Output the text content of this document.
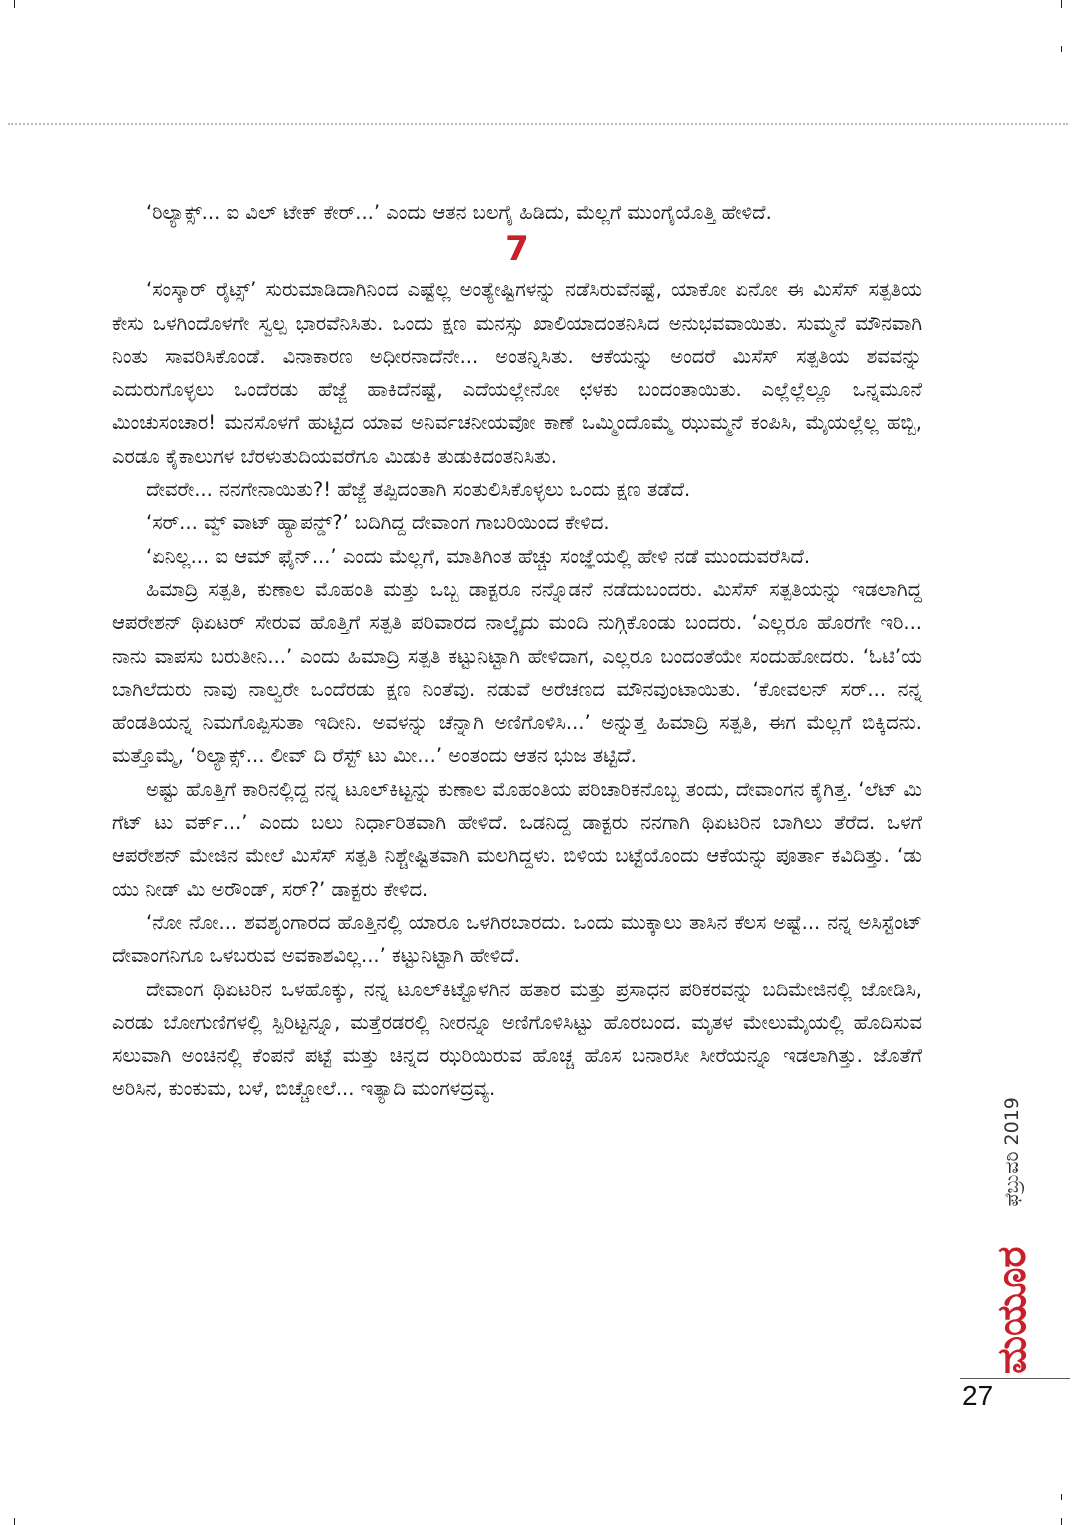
‘ರಿಲ್ಯಾಕ್ಸ್... ಐ ವಿಲ್ ಟೇಕ್ ಕೇರ್...’ ಎಂದು ಆತನ ಬಲಗೈ ಹಿಡಿದು, ಮೆಲ್ಲಗೆ ಮುಂಗೈಯೊತ್ತಿ ಹೇಳಿದೆ.

7

‘ಸಂಸ್ಕಾರ್ ರೈಟ್ಸ್’ ಸುರುಮಾಡಿದಾಗಿನಿಂದ ಎಷ್ಟೆಲ್ಲ ಅಂತ್ಯೇಷ್ಟಿಗಳನ್ನು ನಡೆಸಿರುವೆನಷ್ಟೆ, ಯಾಕೋ ಏನೋ ಈ ಮಿಸೆಸ್ ಸತ್ಪತಿಯ ಕೇಸು ಒಳಗಿಂದೊಳಗೇ ಸ್ವಲ್ಪ ಭಾರವೆನಿಸಿತು. ಒಂದು ಕ್ಷಣ ಮನಸ್ಸು ಖಾಲಿಯಾದಂತನಿಸಿದ ಅನುಭವವಾಯಿತು. ಸುಮ್ಮನೆ ಮೌನವಾಗಿ ನಿಂತು ಸಾವರಿಸಿಕೊಂಡೆ. ವಿನಾಕಾರಣ ಅಧೀರನಾದೆನೇ... ಅಂತನ್ನಿಸಿತು. ಆಕೆಯನ್ನು ಅಂದರೆ ಮಿಸೆಸ್ ಸತ್ಪತಿಯ ಶವವನ್ನು ಎದುರುಗೊಳ್ಳಲು ಒಂದೆರಡು ಹೆಜ್ಜೆ ಹಾಕಿದೆನಷ್ಟೆ, ಎದೆಯಲ್ಲೇನೋ ಛಳಕು ಬಂದಂತಾಯಿತು. ಎಲ್ಲೆಲ್ಲೆಲ್ಲೂ ಒನ್ನಮೂನೆ ಮಿಂಚುಸಂಚಾರ! ಮನಸೊಳಗೆ ಹುಟ್ಟಿದ ಯಾವ ಅನಿರ್ವಚನೀಯವೋ ಕಾಣೆ ಒಮ್ಮಿಂದೊಮ್ಮೆ ಝುಮ್ಮನೆ ಕಂಪಿಸಿ, ಮೈಯಲ್ಲೆಲ್ಲ ಹಬ್ಬಿ, ಎರಡೂ ಕೈಕಾಲುಗಳ ಬೆರಳುತುದಿಯವರೆಗೂ ಮಿಡುಕಿ ತುಡುಕಿದಂತನಿಸಿತು.

ದೇವರೇ... ನನಗೇನಾಯಿತು?! ಹೆಜ್ಜೆ ತಪ್ಪಿದಂತಾಗಿ ಸಂತುಲಿಸಿಕೊಳ್ಳಲು ಒಂದು ಕ್ಷಣ ತಡೆದೆ.

‘ಸರ್... ವ್ವ್ ವಾಟ್ ಹ್ಯಾಪನ್ಡ್?’ ಬದಿಗಿದ್ದ ದೇವಾಂಗ ಗಾಬರಿಯಿಂದ ಕೇಳಿದ.

‘ಏನಿಲ್ಲ... ಐ ಆಮ್ ಫೈನ್...’ ಎಂದು ಮೆಲ್ಲಗೆ, ಮಾತಿಗಿಂತ ಹೆಚ್ಚು ಸಂಜ್ಞೆಯಲ್ಲಿ ಹೇಳಿ ನಡೆ ಮುಂದುವರೆಸಿದೆ.

ಹಿಮಾದ್ರಿ ಸತ್ಪತಿ, ಕುಣಾಲ ಮೊಹಂತಿ ಮತ್ತು ಒಬ್ಬ ಡಾಕ್ಟರೂ ನನ್ನೊಡನೆ ನಡೆದುಬಂದರು. ಮಿಸೆಸ್ ಸತ್ಪತಿಯನ್ನು ಇಡಲಾಗಿದ್ದ ಆಪರೇಶನ್ ಥಿಏಟರ್ ಸೇರುವ ಹೊತ್ತಿಗೆ ಸತ್ಪತಿ ಪರಿವಾರದ ನಾಲ್ಕೈದು ಮಂದಿ ನುಗ್ಗಿಕೊಂಡು ಬಂದರು. ‘ಎಲ್ಲರೂ ಹೊರಗೇ ಇರಿ... ನಾನು ವಾಪಸು ಬರುತೀನಿ...’ ಎಂದು ಹಿಮಾದ್ರಿ ಸತ್ಪತಿ ಕಟ್ಟುನಿಟ್ಟಾಗಿ ಹೇಳಿದಾಗ, ಎಲ್ಲರೂ ಬಂದಂತೆಯೇ ಸಂದುಹೋದರು. ‘ಓಟಿ’ಯ ಬಾಗಿಲೆದುರು ನಾವು ನಾಲ್ವರೇ ಒಂದೆರಡು ಕ್ಷಣ ನಿಂತೆವು. ನಡುವೆ ಅರೆಚಣದ ಮೌನವುಂಟಾಯಿತು. ‘ಕೋವಲನ್ ಸರ್... ನನ್ನ ಹೆಂಡತಿಯನ್ನ ನಿಮಗೊಪ್ಪಿಸುತಾ ಇದೀನಿ. ಅವಳನ್ನು ಚೆನ್ನಾಗಿ ಅಣಿಗೊಳಿಸಿ...’ ಅನ್ನುತ್ತ ಹಿಮಾದ್ರಿ ಸತ್ಪತಿ, ಈಗ ಮೆಲ್ಲಗೆ ಬಿಕ್ಕಿದನು. ಮತ್ತೊಮ್ಮೆ, ‘ರಿಲ್ಯಾಕ್ಸ್... ಲೀವ್ ದಿ ರೆಸ್ಟ್ ಟು ಮೀ...’ ಅಂತಂದು ಆತನ ಭುಜ ತಟ್ಟಿದೆ.

ಅಷ್ಟು ಹೊತ್ತಿಗೆ ಕಾರಿನಲ್ಲಿದ್ದ ನನ್ನ ಟೂಲ್‌ಕಿಟ್ಟನ್ನು ಕುಣಾಲ ಮೊಹಂತಿಯ ಪರಿಚಾರಿಕನೊಬ್ಬ ತಂದು, ದೇವಾಂಗನ ಕೈಗಿತ್ತ. ‘ಲೆಟ್ ಮಿ ಗೆಟ್ ಟು ವರ್ಕ್...’ ಎಂದು ಬಲು ನಿರ್ಧಾರಿತವಾಗಿ ಹೇಳಿದೆ. ಒಡನಿದ್ದ ಡಾಕ್ಟರು ನನಗಾಗಿ ಥಿಏಟರಿನ ಬಾಗಿಲು ತೆರೆದ. ಒಳಗೆ ಆಪರೇಶನ್ ಮೇಜಿನ ಮೇಲೆ ಮಿಸೆಸ್ ಸತ್ಪತಿ ನಿಶ್ಚೇಷ್ಟಿತವಾಗಿ ಮಲಗಿದ್ದಳು. ಬಿಳಿಯ ಬಟ್ಟೆಯೊಂದು ಆಕೆಯನ್ನು ಪೂರ್ತಾ ಕವಿದಿತ್ತು. ‘ಡು ಯು ನೀಡ್ ಮಿ ಅರೌಂಡ್, ಸರ್?’ ಡಾಕ್ಟರು ಕೇಳಿದ.

‘ನೋ ನೋ... ಶವಶೃಂಗಾರದ ಹೊತ್ತಿನಲ್ಲಿ ಯಾರೂ ಒಳಗಿರಬಾರದು. ಒಂದು ಮುಕ್ಕಾಲು ತಾಸಿನ ಕೆಲಸ ಅಷ್ಟೆ... ನನ್ನ ಅಸಿಸ್ಟೆಂಟ್ ದೇವಾಂಗನಿಗೂ ಒಳಬರುವ ಅವಕಾಶವಿಲ್ಲ...’ ಕಟ್ಟುನಿಟ್ಟಾಗಿ ಹೇಳಿದೆ.

ದೇವಾಂಗ ಥಿಏಟರಿನ ಒಳಹೊಕ್ಕು, ನನ್ನ ಟೂಲ್‌ಕಿಟ್ಟೊಳಗಿನ ಹತಾರ ಮತ್ತು ಪ್ರಸಾಧನ ಪರಿಕರವನ್ನು ಬದಿಮೇಜಿನಲ್ಲಿ ಜೋಡಿಸಿ, ಎರಡು ಬೋಗುಣಿಗಳಲ್ಲಿ ಸ್ಪಿರಿಟ್ಟನ್ನೂ, ಮತ್ತೆರಡರಲ್ಲಿ ನೀರನ್ನೂ ಅಣಿಗೊಳಿಸಿಟ್ಟು ಹೊರಬಂದ. ಮೃತಳ ಮೇಲುಮೈಯಲ್ಲಿ ಹೊದಿಸುವ ಸಲುವಾಗಿ ಅಂಚಿನಲ್ಲಿ ಕೆಂಪನೆ ಪಟ್ಟೆ ಮತ್ತು ಚಿನ್ನದ ಝರಿಯಿರುವ ಹೊಚ್ಚ ಹೊಸ ಬನಾರಸೀ ಸೀರೆಯನ್ನೂ ಇಡಲಾಗಿತ್ತು. ಜೊತೆಗೆ ಅರಿಸಿನ, ಕುಂಕುಮ, ಬಳೆ, ಬಿಚ್ಚೋಲೆ... ಇತ್ಯಾದಿ ಮಂಗಳದ್ರವ್ಯ.

ಮಯೂರ
ಫೆಬ್ರುವರಿ 2019
27
